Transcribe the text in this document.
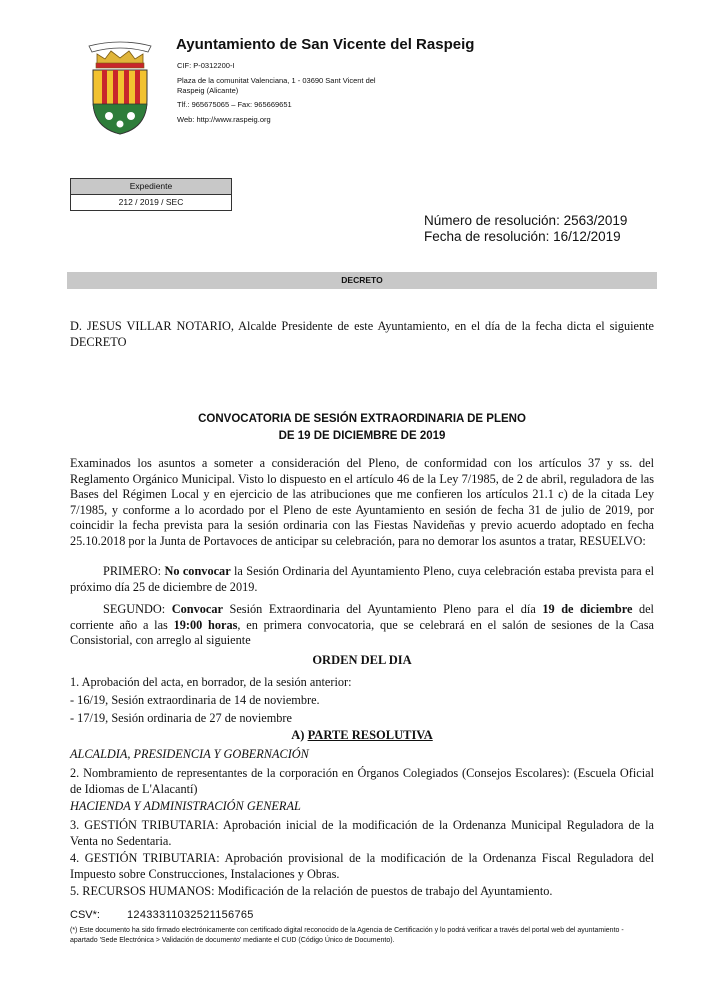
Ayuntamiento de San Vicente del Raspeig
CIF: P-0312200-I
Plaza de la comunitat Valenciana, 1 - 03690 Sant Vicent del
Raspeig (Alicante)
Tlf.: 965675065 – Fax: 965669651
Web: http://www.raspeig.org
Expediente
212 / 2019 / SEC
Número de resolución: 2563/2019
Fecha de resolución: 16/12/2019
DECRETO
D. JESUS VILLAR NOTARIO, Alcalde Presidente de este Ayuntamiento, en el día de la fecha dicta el siguiente DECRETO
CONVOCATORIA DE SESIÓN EXTRAORDINARIA DE PLENO
DE 19 DE DICIEMBRE DE 2019
Examinados los asuntos a someter a consideración del Pleno, de conformidad con los artículos 37 y ss. del Reglamento Orgánico Municipal. Visto lo dispuesto en el artículo 46 de la Ley 7/1985, de 2 de abril, reguladora de las Bases del Régimen Local y en ejercicio de las atribuciones que me confieren los artículos 21.1 c) de la citada Ley 7/1985, y conforme a lo acordado por el Pleno de este Ayuntamiento en sesión de fecha 31 de julio de 2019, por coincidir la fecha prevista para la sesión ordinaria con las Fiestas Navideñas y previo acuerdo adoptado en fecha 25.10.2018 por la Junta de Portavoces de anticipar su celebración, para no demorar los asuntos a tratar, RESUELVO:
PRIMERO: No convocar la Sesión Ordinaria del Ayuntamiento Pleno, cuya celebración estaba prevista para el próximo día 25 de diciembre de 2019.
SEGUNDO: Convocar Sesión Extraordinaria del Ayuntamiento Pleno para el día 19 de diciembre del corriente año a las 19:00 horas, en primera convocatoria, que se celebrará en el salón de sesiones de la Casa Consistorial, con arreglo al siguiente
ORDEN DEL DIA
1. Aprobación del acta, en borrador, de la sesión anterior:
- 16/19, Sesión extraordinaria de 14 de noviembre.
- 17/19, Sesión ordinaria de 27 de noviembre
A) PARTE RESOLUTIVA
ALCALDIA, PRESIDENCIA Y GOBERNACIÓN
2. Nombramiento de representantes de la corporación en Órganos Colegiados (Consejos Escolares): (Escuela Oficial de Idiomas de L'Alacantí)
HACIENDA Y ADMINISTRACIÓN GENERAL
3. GESTIÓN TRIBUTARIA: Aprobación inicial de la modificación de la Ordenanza Municipal Reguladora de la Venta no Sedentaria.
4. GESTIÓN TRIBUTARIA: Aprobación provisional de la modificación de la Ordenanza Fiscal Reguladora del Impuesto sobre Construcciones, Instalaciones y Obras.
5. RECURSOS HUMANOS: Modificación de la relación de puestos de trabajo del Ayuntamiento.
CSV*: 12433311032521156765
(*) Este documento ha sido firmado electrónicamente con certificado digital reconocido de la Agencia de Certificación y lo podrá verificar a través del portal web del ayuntamiento - apartado 'Sede Electrónica > Validación de documento' mediante el CUD (Código Único de Documento).
